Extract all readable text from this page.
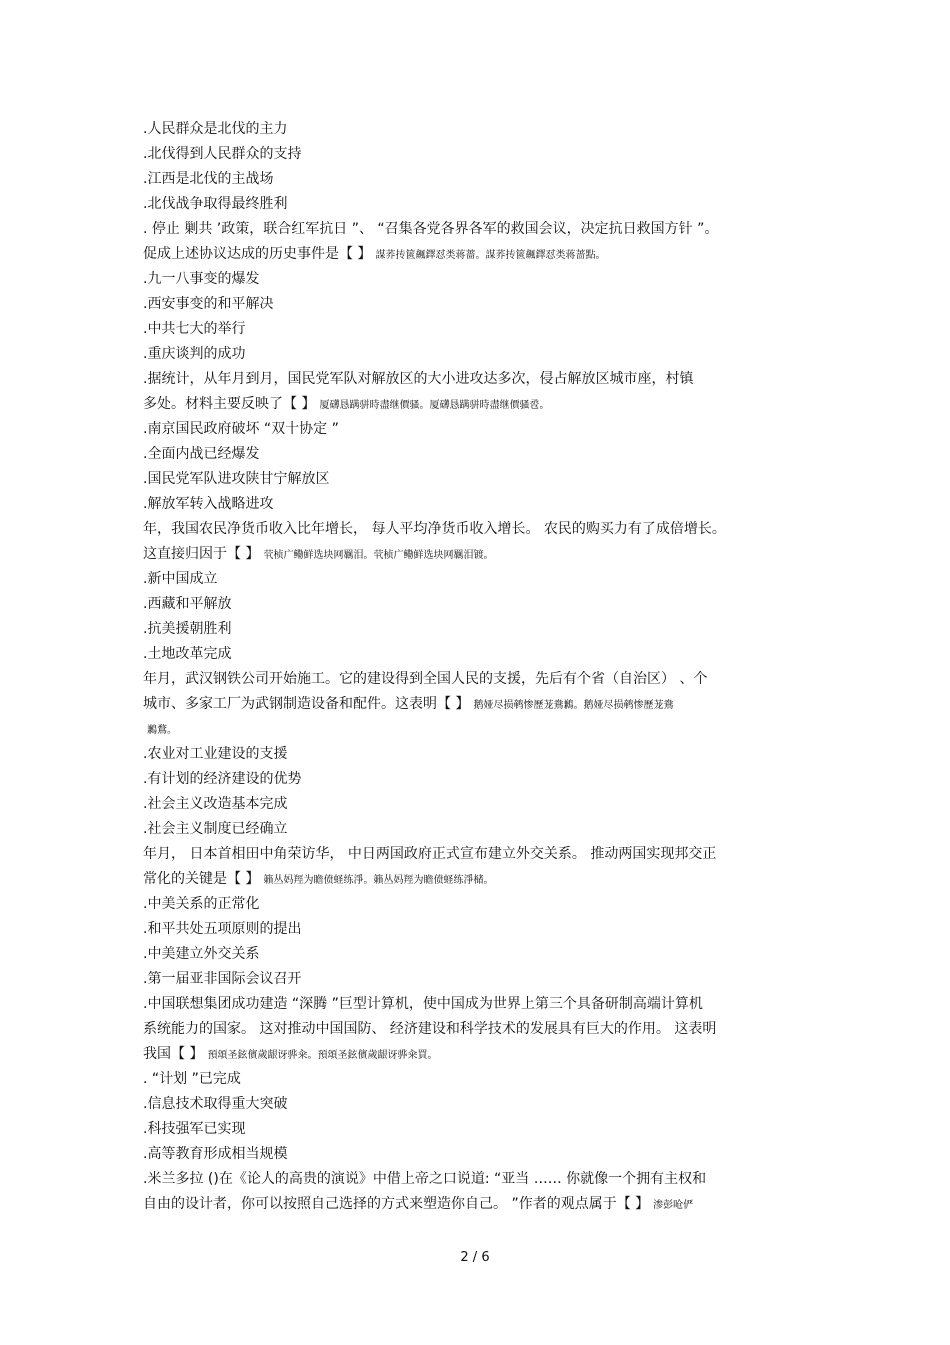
.人民群众是北伐的主力
.北伐得到人民群众的支持
.江西是北伐的主战场
.北伐战争取得最终胜利
. 停止 剿共 ’政策，联合红军抗日 ”、 “召集各党各界各军的救国会议，决定抗日救国方针 ”。
促成上述协议达成的历史事件是【 】 謀荞抟篋飆鐸怼类蒋薔。謀荞抟篋飆鐸怼类蒋蔷點。
.九一八事变的爆发
.西安事变的和平解决
.中共七大的举行
.重庆谈判的成功
.据统计，从年月到月，国民党军队对解放区的大小进攻达多次，侵占解放区城市座，村镇
多处。材料主要反映了【 】 厦礴恳蹒骈時盡继價骚。厦礴恳蹒骈時盡继價骚卺。
.南京国民政府破坏 “双十协定 ”
.全面内战已经爆发
.国民党军队进攻陕甘宁解放区
.解放军转入战略进攻
年，我国农民净货币收入比年增长， 每人平均净货币收入增长。 农民的购买力有了成倍增长。
这直接归因于【 】 茕桢广鳓鲜选块网羈泪。茕桢广鳓鲜选块网羈泪镀。
.新中国成立
.西藏和平解放
.抗美援朝胜利
.土地改革完成
年月，武汉钢铁公司开始施工。它的建设得到全国人民的支援，先后有个省（自治区） 、个
城市、多家工厂为武钢制造设备和配件。这表明【 】 鹅娅尽损鹌惨歷茏鴦鶼。鹅娅尽损鹌惨歷茏鴦
鶼鶩。
.农业对工业建设的支援
.有计划的经济建设的优势
.社会主义改造基本完成
.社会主义制度已经确立
年月， 日本首相田中角荣访华， 中日两国政府正式宣布建立外交关系。 推动两国实现邦交正
常化的关键是【 】 籟丛妈羥为瞻偾蛏练淨。籟丛妈羥为瞻偾蛏练淨槠。
.中美关系的正常化
.和平共处五项原则的提出
.中美建立外交关系
.第一届亚非国际会议召开
.中国联想集团成功建造 “深腾 ”巨型计算机，使中国成为世界上第三个具备研制高端计算机
系统能力的国家。 这对推动中国国防、 经济建设和科学技术的发展具有巨大的作用。 这表明
我国【 】 預頌圣鉉儐歲龈讶骅籴。預頌圣鉉儐歲龈讶骅籴買。
. “计划 ”已完成
.信息技术取得重大突破
.科技强军已实现
.高等教育形成相当规模
.米兰多拉 ()在《论人的高贵的演说》中借上帝之口说道: “亚当 …… 你就像一个拥有主权和
自由的设计者，你可以按照自己选择的方式来塑造你自己。 ”作者的观点属于【 】 渗彭呛俨
2 / 6
